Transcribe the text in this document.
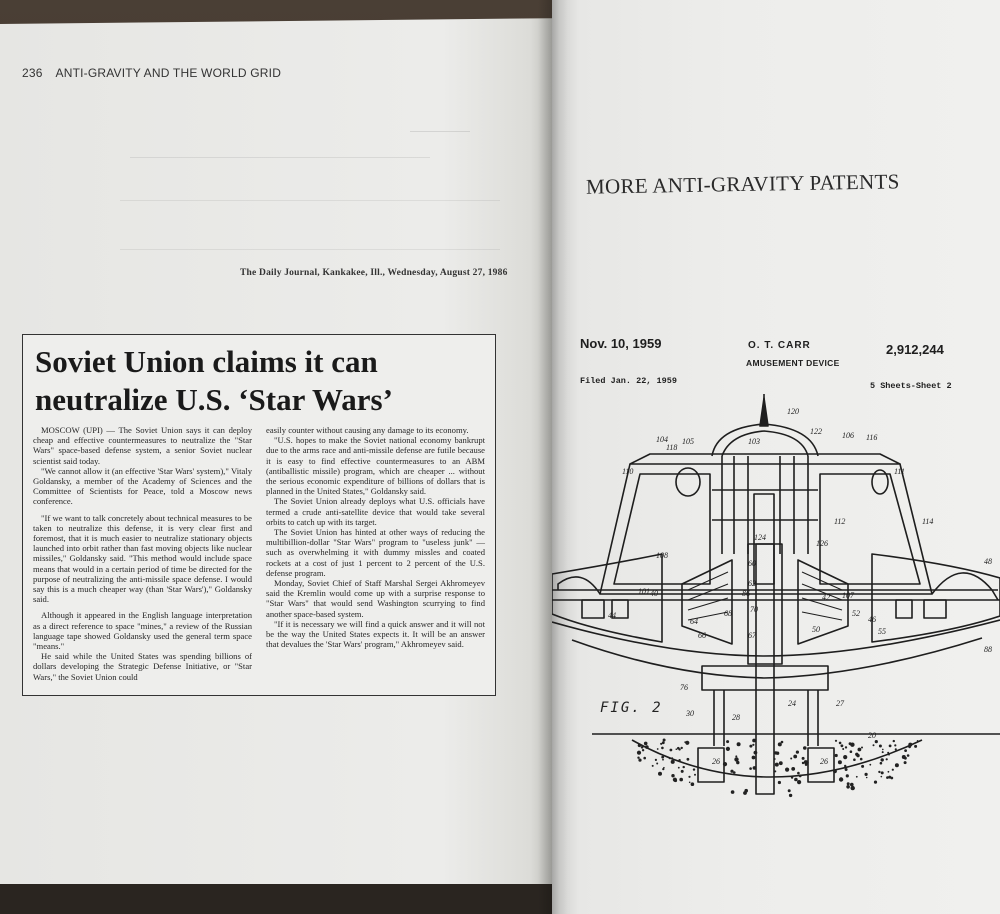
236 ANTI-GRAVITY AND THE WORLD GRID
The Daily Journal, Kankakee, Ill., Wednesday, August 27, 1986
Soviet Union claims it can
neutralize U.S. ‘Star Wars’

MOSCOW (UPI) — The Soviet Union says it can deploy cheap and effective countermeasures to neutralize the "Star Wars" space-based defense system, a senior Soviet nuclear scientist said today.

"We cannot allow it (an effective 'Star Wars' system)," Vitaly Goldansky, a member of the Academy of Sciences and the Committee of Scientists for Peace, told a Moscow news conference.

"If we want to talk concretely about technical measures to be taken to neutralize this defense, it is very clear first and foremost, that it is much easier to neutralize stationary objects launched into orbit rather than fast moving objects like nuclear missiles," Goldansky said. "This method would include space means that would in a certain period of time be directed for the purpose of neutralizing the anti-missile space defense. I would say this is a much cheaper way (than 'Star Wars')," Goldansky said.

Although it appeared in the English language interpretation as a direct reference to space "mines," a review of the Russian language tape showed Goldansky used the general term space "means."

He said while the United States was spending billions of dollars developing the Strategic Defense Initiative, or "Star Wars," the Soviet Union could

easily counter without causing any damage to its economy.

"U.S. hopes to make the Soviet national economy bankrupt due to the arms race and anti-missile defense are futile because it is easy to find effective countermeasures to an ABM (antiballistic missile) program, which are cheaper ... without the serious economic expenditure of billions of dollars that is planned in the United States," Goldansky said.

The Soviet Union already deploys what U.S. officials have termed a crude anti-satellite device that would take several orbits to catch up with its target.

The Soviet Union has hinted at other ways of reducing the multibillion-dollar "Star Wars" program to "useless junk" — such as overwhelming it with dummy missles and coated rockets at a cost of just 1 percent to 2 percent of the U.S. defense program.

Monday, Soviet Chief of Staff Marshal Sergei Akhromeyev said the Kremlin would come up with a surprise response to "Star Wars" that would send Washington scurrying to find another space-based system.

"If it is necessary we will find a quick answer and it will not be the way the United States expects it. It will be an answer that devalues the 'Star Wars' program," Akhromeyev said.

MORE ANTI-GRAVITY PATENTS
Nov. 10, 1959	O. T. CARR	2,912,244
AMUSEMENT DEVICE
Filed Jan. 22, 1959	5 Sheets-Sheet 2
120
122
104 105
106
108
110	111
112	114
116
118
124
126
103
101	107
40	42
44	46
48
50
52
55
60
62
64
66	67
68 70
76
86
88
24
28
30
27
26	26
20
FIG. 2
